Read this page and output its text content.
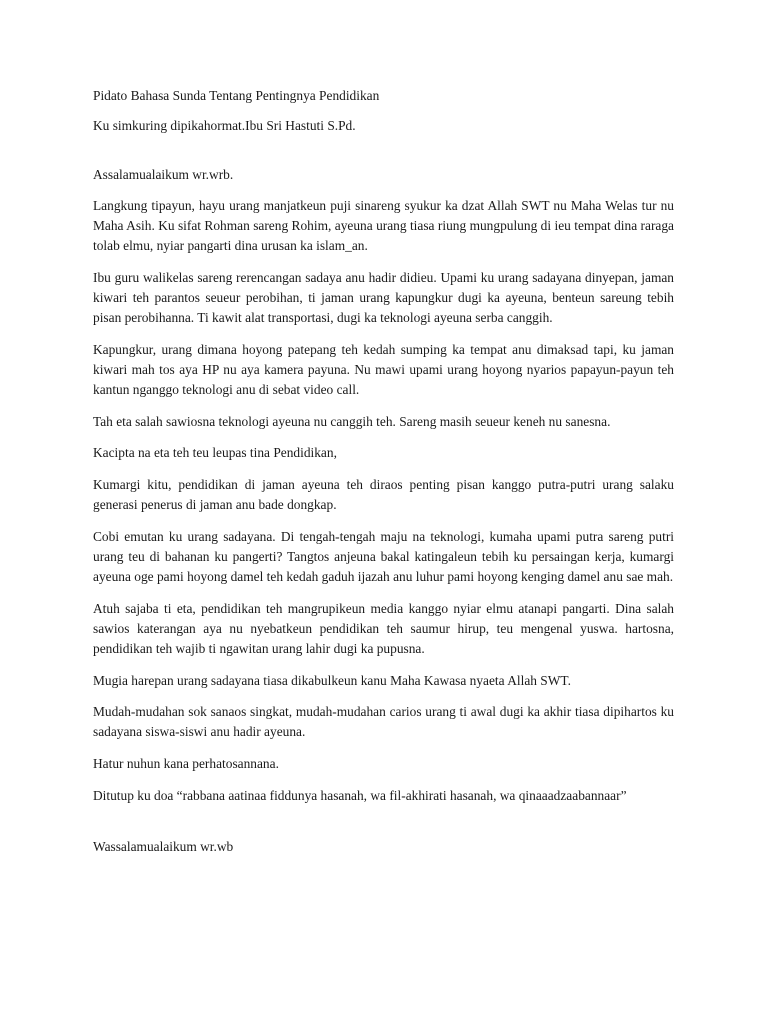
Pidato Bahasa Sunda Tentang Pentingnya Pendidikan

Ku simkuring dipikahormat.Ibu Sri Hastuti S.Pd.

Assalamualaikum wr.wrb.

Langkung tipayun, hayu urang manjatkeun puji sinareng syukur ka dzat Allah SWT nu Maha Welas tur nu Maha Asih. Ku sifat Rohman sareng Rohim, ayeuna urang tiasa riung mungpulung di ieu tempat dina raraga tolab elmu, nyiar pangarti dina urusan ka islam_an.

Ibu guru walikelas sareng rerencangan sadaya anu hadir didieu. Upami ku urang sadayana dinyepan, jaman kiwari teh parantos seueur perobihan, ti jaman urang kapungkur dugi ka ayeuna, benteun sareung tebih pisan perobihanna. Ti kawit alat transportasi, dugi ka teknologi ayeuna serba canggih.

Kapungkur, urang dimana hoyong patepang teh kedah sumping ka tempat anu dimaksad tapi, ku jaman kiwari mah tos aya HP nu aya kamera payuna. Nu mawi upami urang hoyong nyarios papayun-payun teh kantun nganggo teknologi anu di sebat video call.

Tah eta salah sawiosna teknologi ayeuna nu canggih teh. Sareng masih seueur keneh nu sanesna.

Kacipta na eta teh teu leupas tina Pendidikan,

Kumargi kitu, pendidikan di jaman ayeuna teh diraos penting pisan kanggo putra-putri urang salaku generasi penerus di jaman anu bade dongkap.

Cobi emutan ku urang sadayana. Di tengah-tengah maju na teknologi, kumaha upami putra sareng putri urang teu di bahanan ku pangerti? Tangtos anjeuna bakal katingaleun tebih ku persaingan kerja, kumargi ayeuna oge pami hoyong damel teh kedah gaduh ijazah anu luhur pami hoyong kenging damel anu sae mah.

Atuh sajaba ti eta, pendidikan teh mangrupikeun media kanggo nyiar elmu atanapi pangarti. Dina salah sawios katerangan aya nu nyebatkeun pendidikan teh saumur hirup, teu mengenal yuswa. hartosna, pendidikan teh wajib ti ngawitan urang lahir dugi ka pupusna.

Mugia harepan urang sadayana tiasa dikabulkeun kanu Maha Kawasa nyaeta Allah SWT.

Mudah-mudahan sok sanaos singkat, mudah-mudahan carios urang ti awal dugi ka akhir tiasa dipihartos ku sadayana siswa-siswi anu hadir ayeuna.

Hatur nuhun kana perhatosannana.

Ditutup ku doa “rabbana aatinaa fiddunya hasanah, wa fil-akhirati hasanah, wa qinaaadzaabannaar”

Wassalamualaikum wr.wb
